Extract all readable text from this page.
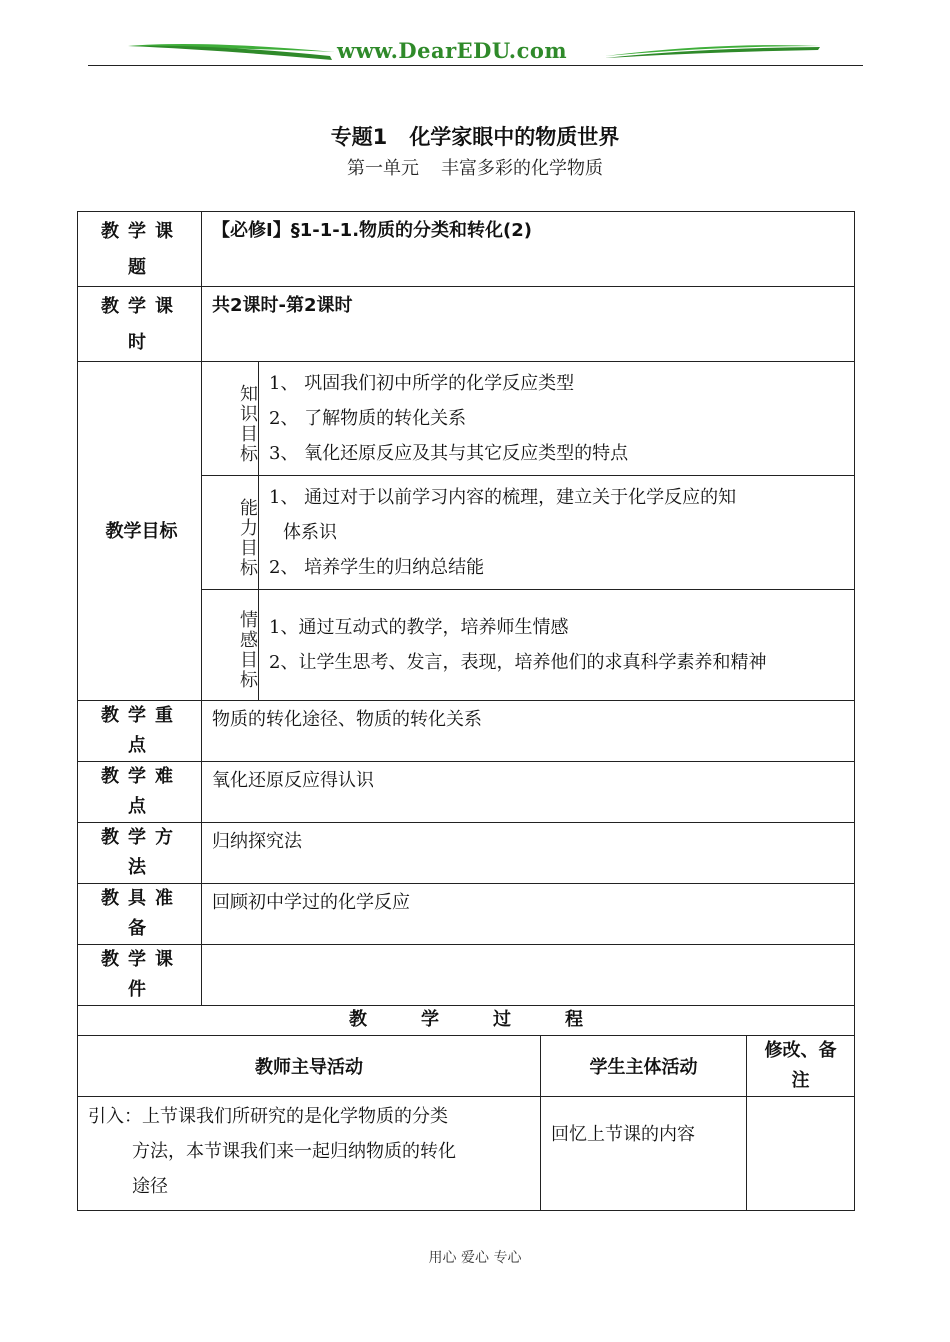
www.DearEDU.com
专题1 化学家眼中的物质世界
第一单元 丰富多彩的化学物质
教学课题	【必修Ⅰ】§1-1-1.物质的分类和转化(2)			
教学课时	共2课时-第2课时			
教学目标	知识目标	1、 巩固我们初中所学的化学反应类型
2、 了解物质的转化关系
3、 氧化还原反应及其与其它反应类型的特点		

	能力目标	1、 通过对于以前学习内容的梳理，建立关于化学反应的知
体系识
2、 培养学生的归纳总结能		

	情感目标	1、通过互动式的教学，培养师生情感
2、让学生思考、发言，表现，培养他们的求真科学素养和精神		

教学重点	物质的转化途径、物质的转化关系			
教学难点	氧化还原反应得认识			
教学方法	归纳探究法			
教具准备	回顾初中学过的化学反应			
教学课件				
教 学 过 程				
教师主导活动			学生主体活动	修改、备注

引入：上节课我们所研究的是化学物质的分类
方法，本节课我们来一起归纳物质的转化
途径			回忆上节课的内容	
用心 爱心 专心
